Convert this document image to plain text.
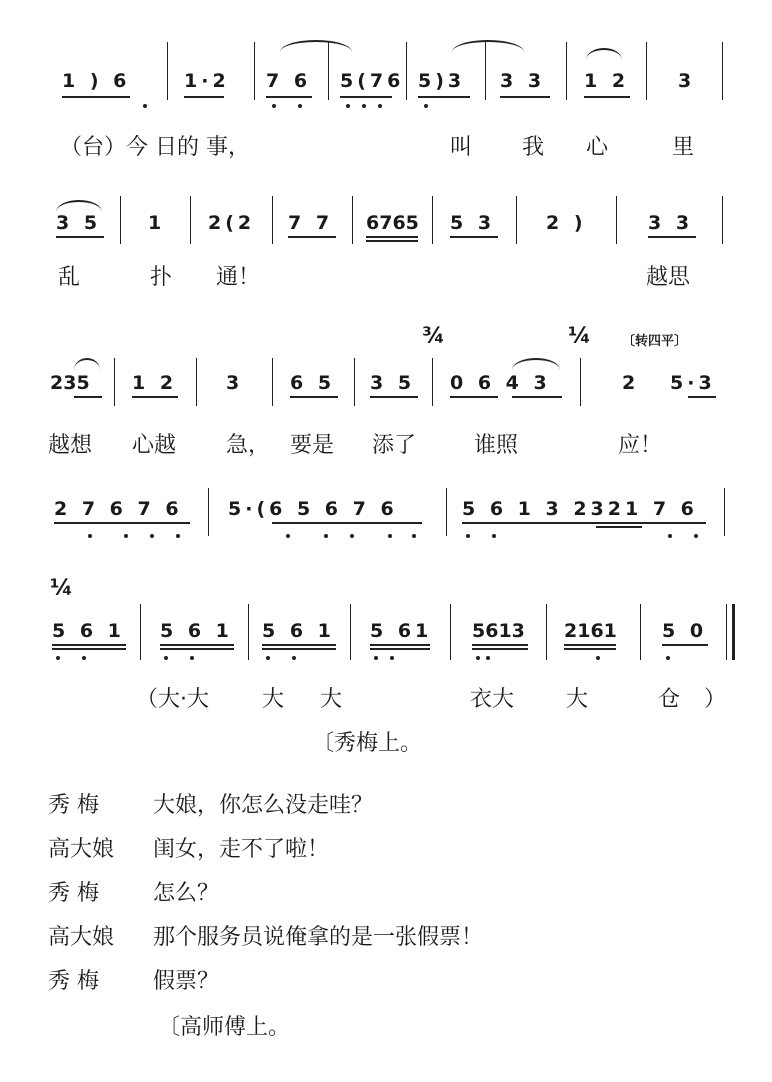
1 ) 6	1·2 7 6 5(76 5)3 3 3 1 2	3
（台）今 日的 事，	叫 我 心	里
3 5 1 2(2 7 7 6765 5 3	2 )	3 3
乱	扑 通！	越思
¾	¼ 〔转四平〕
235 1 2	3 6 5 3 5 0 6 4 3	2 5·3
越想 心越 急， 要是 添了	谁照	应！
2 7 6 7 6 5·(6 5 6 7 6	5 6 1 3 2321 7 6
¼
5 6 1 5 6 1 5 6 1 5 61 5613 2161 5 0
（大·大 大 大	衣大 大	仓 ）
〔秀梅上。
秀 梅 大娘，你怎么没走哇？
高大娘 闺女，走不了啦！
秀 梅 怎么？
高大娘 那个服务员说俺拿的是一张假票！
秀 梅 假票？
〔高师傅上。
